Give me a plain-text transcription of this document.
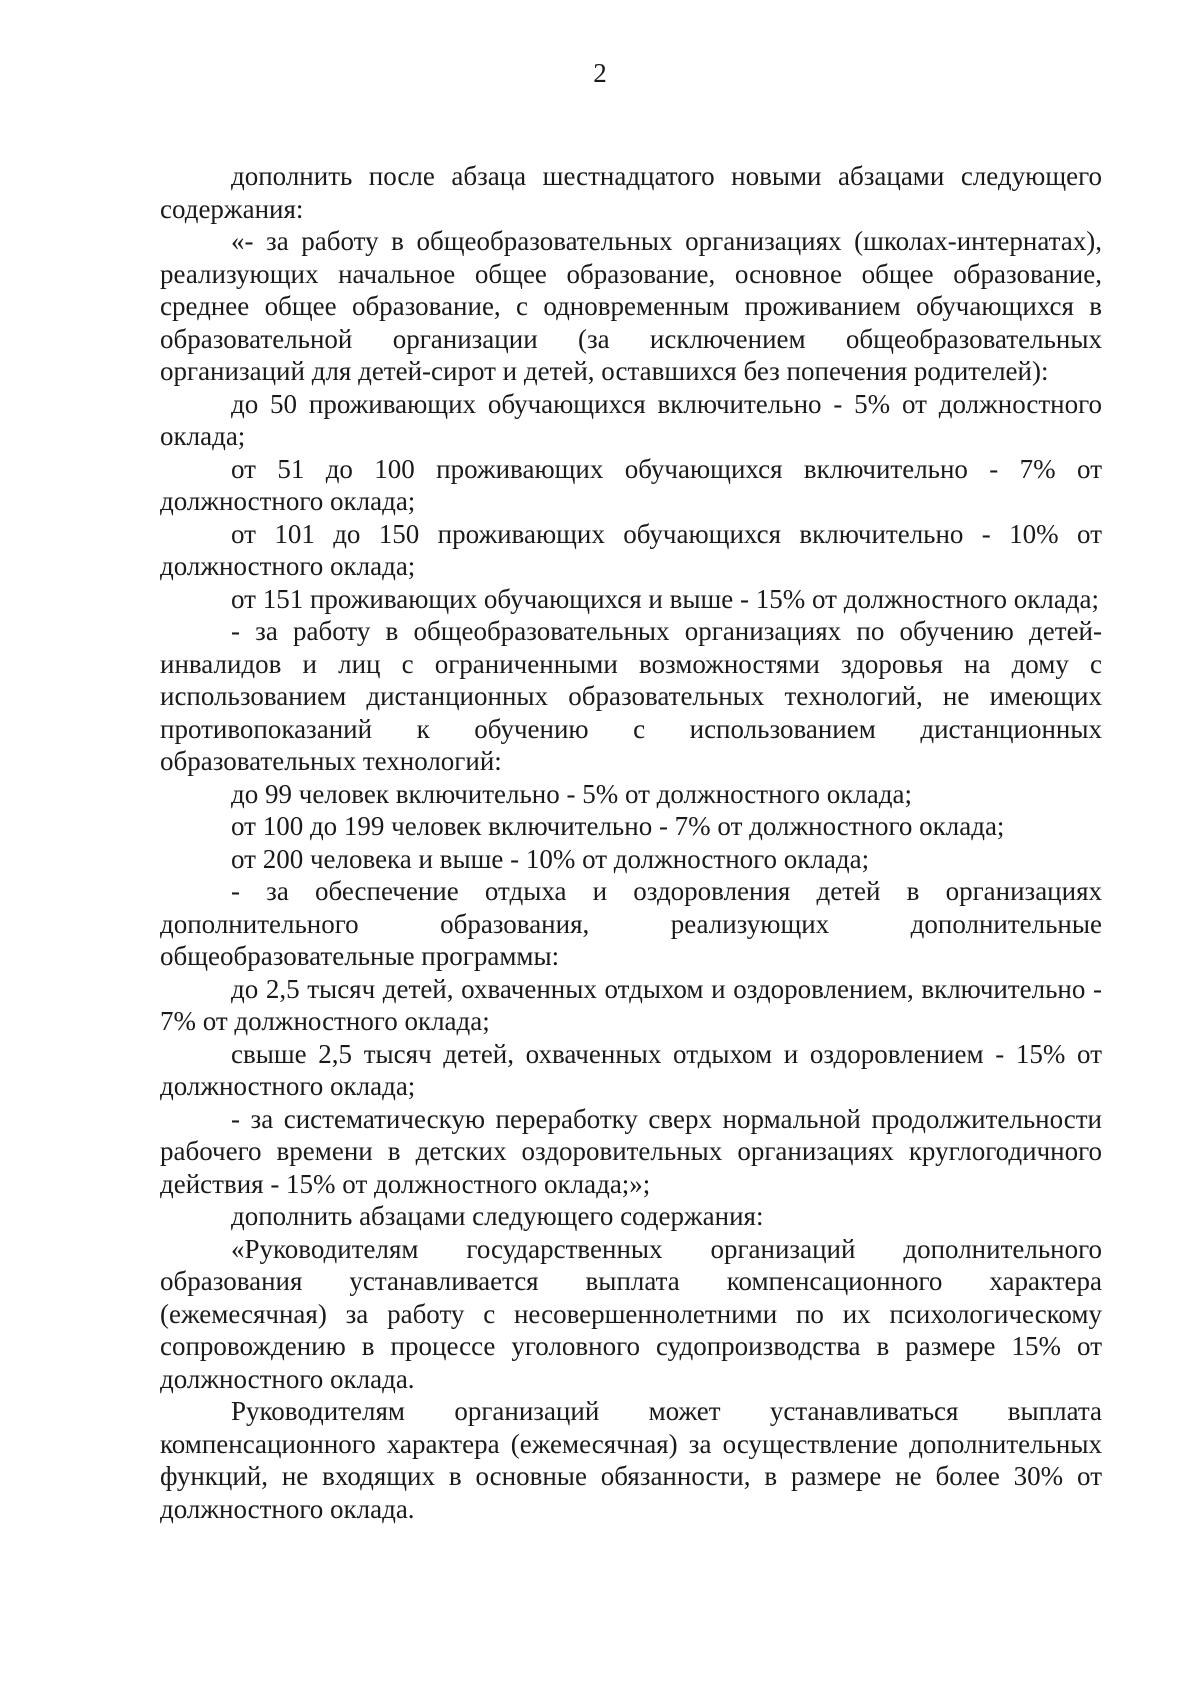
2

дополнить после абзаца шестнадцатого новыми абзацами следующего содержания:

«- за работу в общеобразовательных организациях (школах-интернатах), реализующих начальное общее образование, основное общее образование, среднее общее образование, с одновременным проживанием обучающихся в образовательной организации (за исключением общеобразовательных организаций для детей-сирот и детей, оставшихся без попечения родителей):

до 50 проживающих обучающихся включительно - 5% от должностного оклада;

от 51 до 100 проживающих обучающихся включительно - 7% от должностного оклада;

от 101 до 150 проживающих обучающихся включительно - 10% от должностного оклада;

от 151 проживающих обучающихся и выше - 15% от должностного оклада;

- за работу в общеобразовательных организациях по обучению детей-инвалидов и лиц с ограниченными возможностями здоровья на дому с использованием дистанционных образовательных технологий, не имеющих противопоказаний к обучению с использованием дистанционных образовательных технологий:

до 99 человек включительно - 5% от должностного оклада;

от 100 до 199 человек включительно - 7% от должностного оклада;

от 200 человека и выше - 10% от должностного оклада;

- за обеспечение отдыха и оздоровления детей в организациях дополнительного образования, реализующих дополнительные общеобразовательные программы:

до 2,5 тысяч детей, охваченных отдыхом и оздоровлением, включительно - 7% от должностного оклада;

свыше 2,5 тысяч детей, охваченных отдыхом и оздоровлением - 15% от должностного оклада;

- за систематическую переработку сверх нормальной продолжительности рабочего времени в детских оздоровительных организациях круглогодичного действия - 15% от должностного оклада;»;

дополнить абзацами следующего содержания:

«Руководителям государственных организаций дополнительного образования устанавливается выплата компенсационного характера (ежемесячная) за работу с несовершеннолетними по их психологическому сопровождению в процессе уголовного судопроизводства в размере 15% от должностного оклада.

Руководителям организаций может устанавливаться выплата компенсационного характера (ежемесячная) за осуществление дополнительных функций, не входящих в основные обязанности, в размере не более 30% от должностного оклада.
